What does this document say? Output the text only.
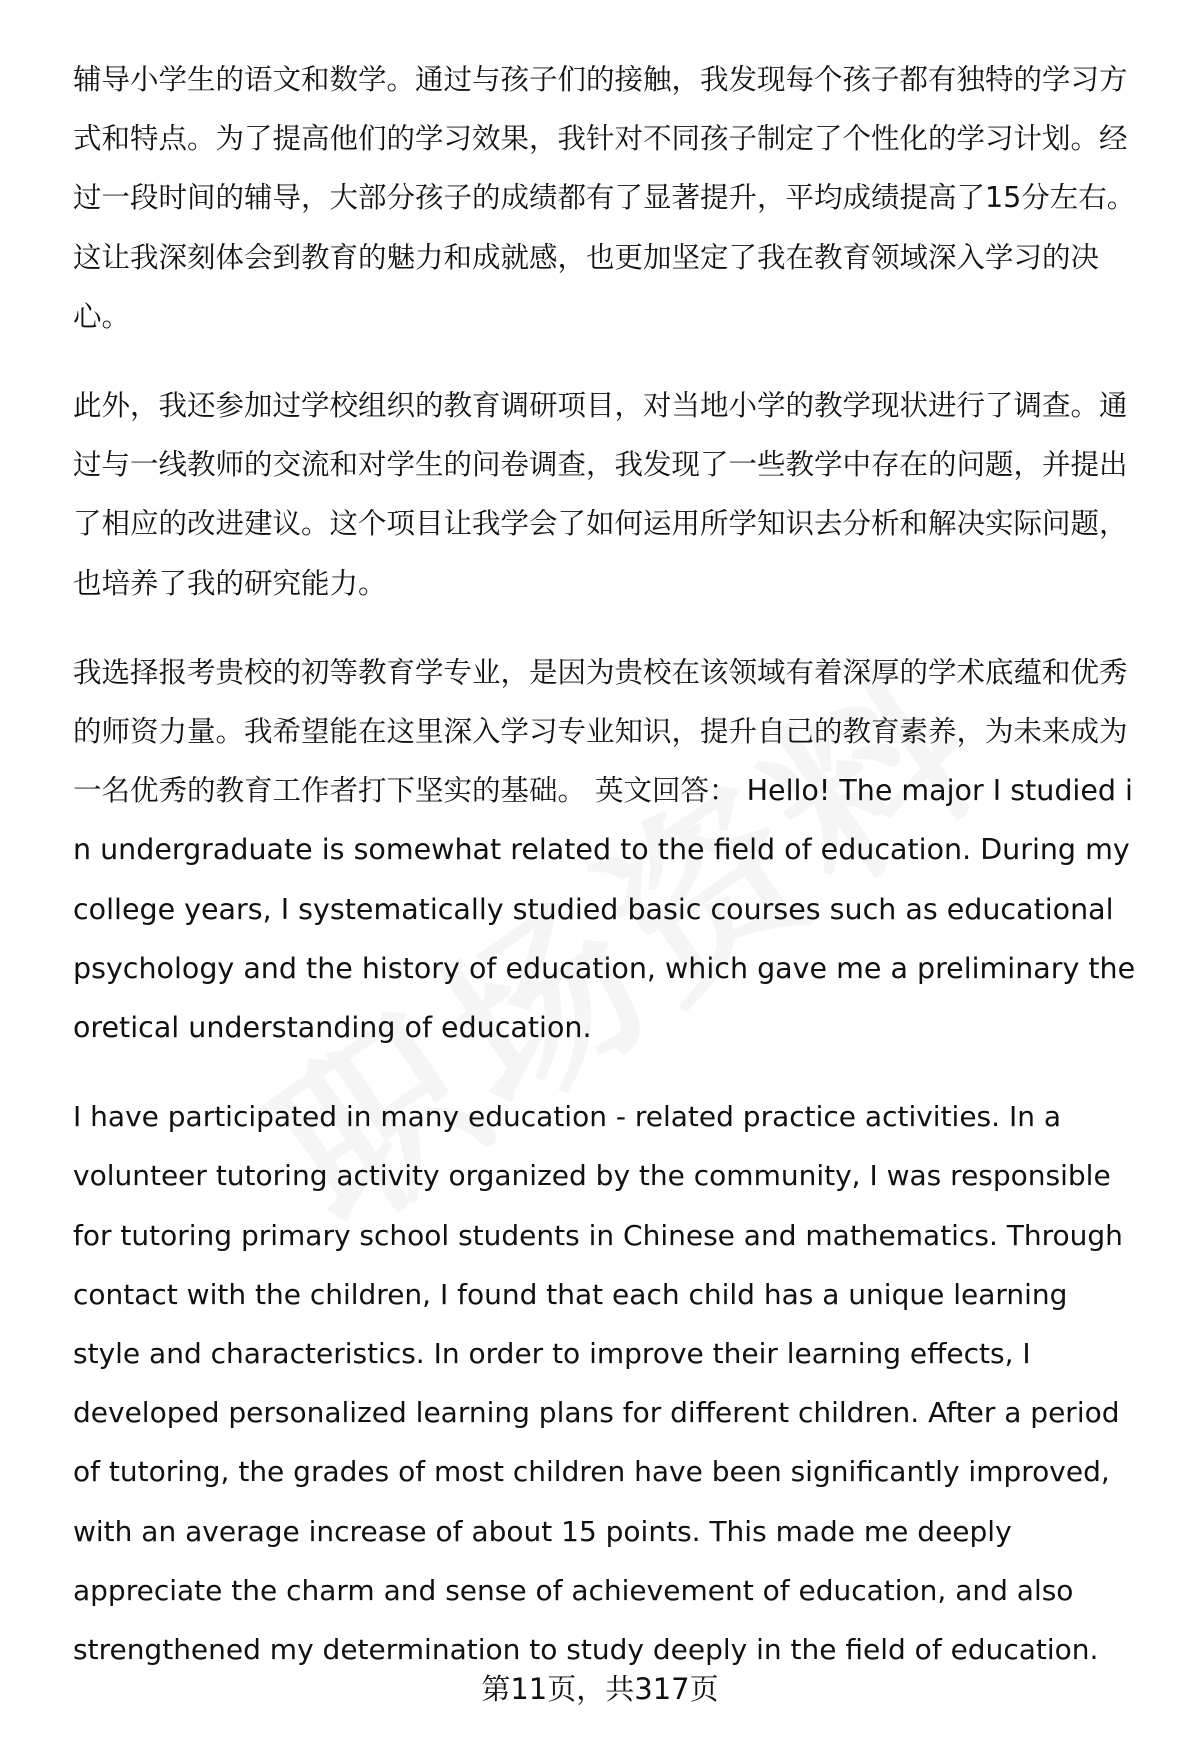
辅导小学生的语文和数学。通过与孩子们的接触，我发现每个孩子都有独特的学习方式和特点。为了提高他们的学习效果，我针对不同孩子制定了个性化的学习计划。经过一段时间的辅导，大部分孩子的成绩都有了显著提升，平均成绩提高了15分左右。这让我深刻体会到教育的魅力和成就感，也更加坚定了我在教育领域深入学习的决心。

此外，我还参加过学校组织的教育调研项目，对当地小学的教学现状进行了调查。通过与一线教师的交流和对学生的问卷调查，我发现了一些教学中存在的问题，并提出了相应的改进建议。这个项目让我学会了如何运用所学知识去分析和解决实际问题，也培养了我的研究能力。

我选择报考贵校的初等教育学专业，是因为贵校在该领域有着深厚的学术底蕴和优秀的师资力量。我希望能在这里深入学习专业知识，提升自己的教育素养，为未来成为一名优秀的教育工作者打下坚实的基础。 英文回答： Hello! The major I studied in undergraduate is somewhat related to the field of education. During my college years, I systematically studied basic courses such as educational psychology and the history of education, which gave me a preliminary theoretical understanding of education.

I have participated in many education - related practice activities. In a volunteer tutoring activity organized by the community, I was responsible for tutoring primary school students in Chinese and mathematics. Through contact with the children, I found that each child has a unique learning style and characteristics. In order to improve their learning effects, I developed personalized learning plans for different children. After a period of tutoring, the grades of most children have been significantly improved, with an average increase of about 15 points. This made me deeply appreciate the charm and sense of achievement of education, and also strengthened my determination to study deeply in the field of education.

第11页，共317页
